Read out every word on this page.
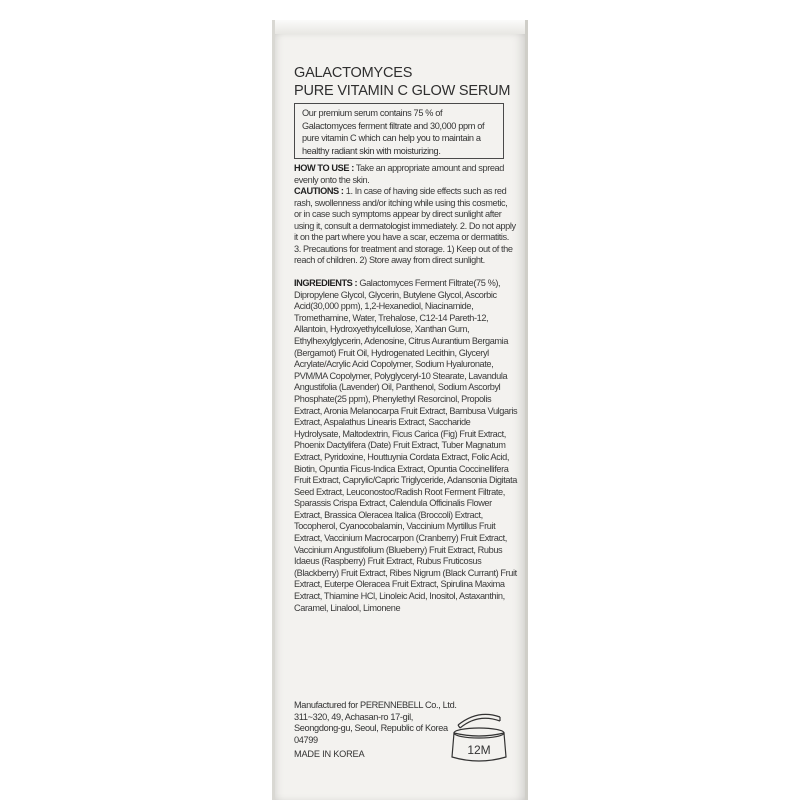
GALACTOMYCES
PURE VITAMIN C GLOW SERUM
Our premium serum contains 75 % of Galactomyces ferment filtrate and 30,000 ppm of pure vitamin C which can help you to maintain a healthy radiant skin with moisturizing.

HOW TO USE : Take an appropriate amount and spread evenly onto the skin.

CAUTIONS : 1. In case of having side effects such as red rash, swollenness and/or itching while using this cosmetic, or in case such symptoms appear by direct sunlight after using it, consult a dermatologist immediately. 2. Do not apply it on the part where you have a scar, eczema or dermatitis. 3. Precautions for treatment and storage. 1) Keep out of the reach of children. 2) Store away from direct sunlight.

INGREDIENTS : Galactomyces Ferment Filtrate(75 %), Dipropylene Glycol, Glycerin, Butylene Glycol, Ascorbic Acid(30,000 ppm), 1,2-Hexanediol, Niacinamide, Tromethamine, Water, Trehalose, C12-14 Pareth-12, Allantoin, Hydroxyethylcellulose, Xanthan Gum, Ethylhexylglycerin, Adenosine, Citrus Aurantium Bergamia (Bergamot) Fruit Oil, Hydrogenated Lecithin, Glyceryl Acrylate/Acrylic Acid Copolymer, Sodium Hyaluronate, PVM/MA Copolymer, Polyglyceryl-10 Stearate, Lavandula Angustifolia (Lavender) Oil, Panthenol, Sodium Ascorbyl Phosphate(25 ppm), Phenylethyl Resorcinol, Propolis Extract, Aronia Melanocarpa Fruit Extract, Bambusa Vulgaris Extract, Aspalathus Linearis Extract, Saccharide Hydrolysate, Maltodextrin, Ficus Carica (Fig) Fruit Extract, Phoenix Dactylifera (Date) Fruit Extract, Tuber Magnatum Extract, Pyridoxine, Houttuynia Cordata Extract, Folic Acid, Biotin, Opuntia Ficus-Indica Extract, Opuntia Coccinellifera Fruit Extract, Caprylic/Capric Triglyceride, Adansonia Digitata Seed Extract, Leuconostoc/Radish Root Ferment Filtrate, Sparassis Crispa Extract, Calendula Officinalis Flower Extract, Brassica Oleracea Italica (Broccoli) Extract, Tocopherol, Cyanocobalamin, Vaccinium Myrtillus Fruit Extract, Vaccinium Macrocarpon (Cranberry) Fruit Extract, Vaccinium Angustifolium (Blueberry) Fruit Extract, Rubus Idaeus (Raspberry) Fruit Extract, Rubus Fruticosus (Blackberry) Fruit Extract, Ribes Nigrum (Black Currant) Fruit Extract, Euterpe Oleracea Fruit Extract, Spirulina Maxima Extract, Thiamine HCl, Linoleic Acid, Inositol, Astaxanthin, Caramel, Linalool, Limonene

Manufactured for PERENNEBELL Co., Ltd. 311~320, 49, Achasan-ro 17-gil, Seongdong-gu, Seoul, Republic of Korea 04799
MADE IN KOREA	12M
